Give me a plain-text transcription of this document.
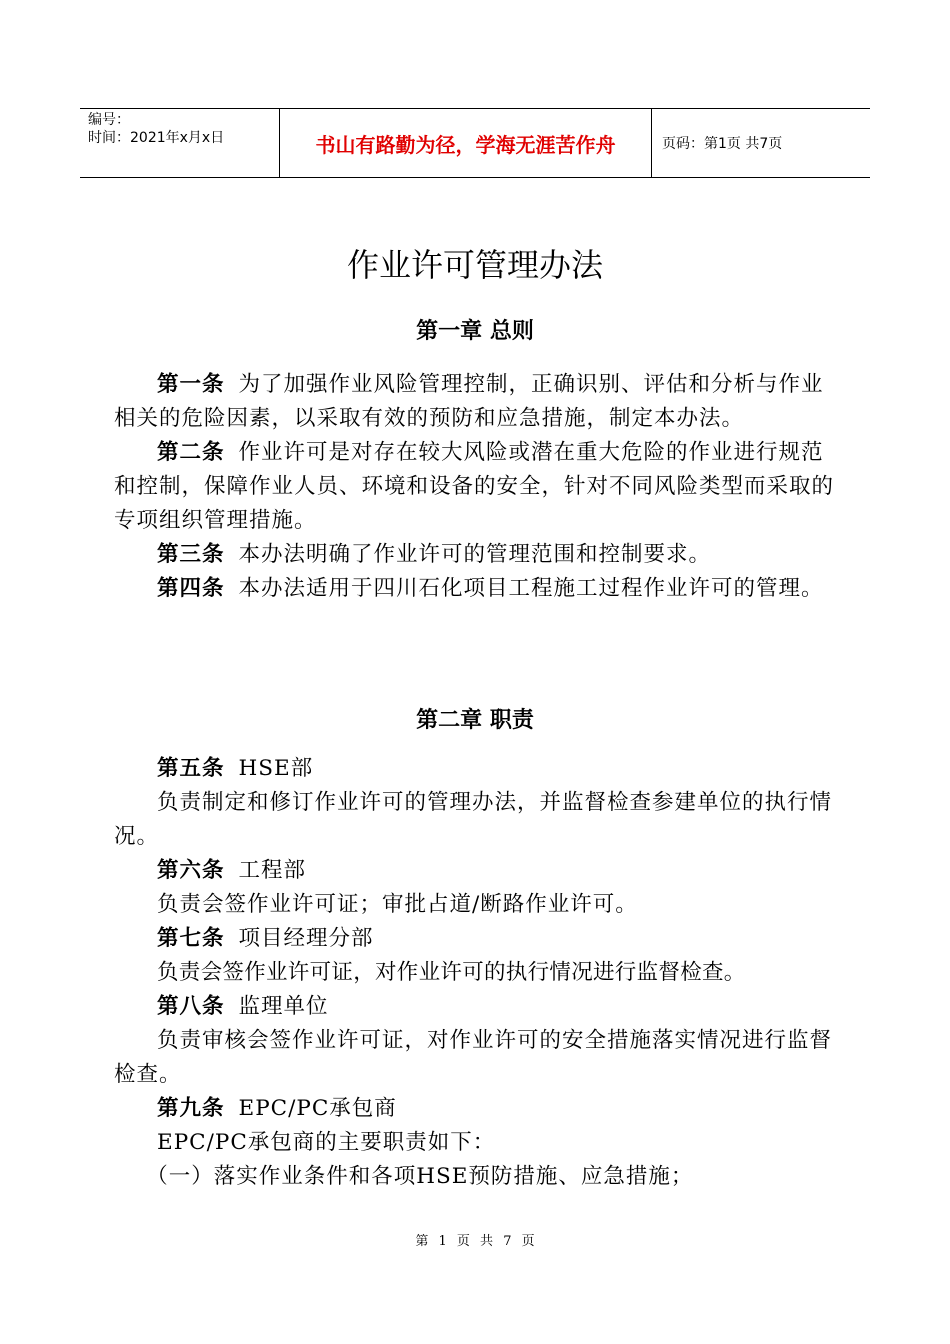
编号：
时间：2021年x月x日	书山有路勤为径，学海无涯苦作舟	页码：第1页 共7页
作业许可管理办法
第一章 总则

第一条 为了加强作业风险管理控制，正确识别、评估和分析与作业相关的危险因素，以采取有效的预防和应急措施，制定本办法。

第二条 作业许可是对存在较大风险或潜在重大危险的作业进行规范和控制，保障作业人员、环境和设备的安全，针对不同风险类型而采取的专项组织管理措施。

第三条 本办法明确了作业许可的管理范围和控制要求。

第四条 本办法适用于四川石化项目工程施工过程作业许可的管理。

第二章 职责

第五条 HSE部

负责制定和修订作业许可的管理办法，并监督检查参建单位的执行情况。

第六条 工程部

负责会签作业许可证；审批占道/断路作业许可。

第七条 项目经理分部

负责会签作业许可证，对作业许可的执行情况进行监督检查。

第八条 监理单位

负责审核会签作业许可证，对作业许可的安全措施落实情况进行监督检查。

第九条 EPC/PC承包商

EPC/PC承包商的主要职责如下：

（一）落实作业条件和各项HSE预防措施、应急措施；

第 1 页 共 7 页
